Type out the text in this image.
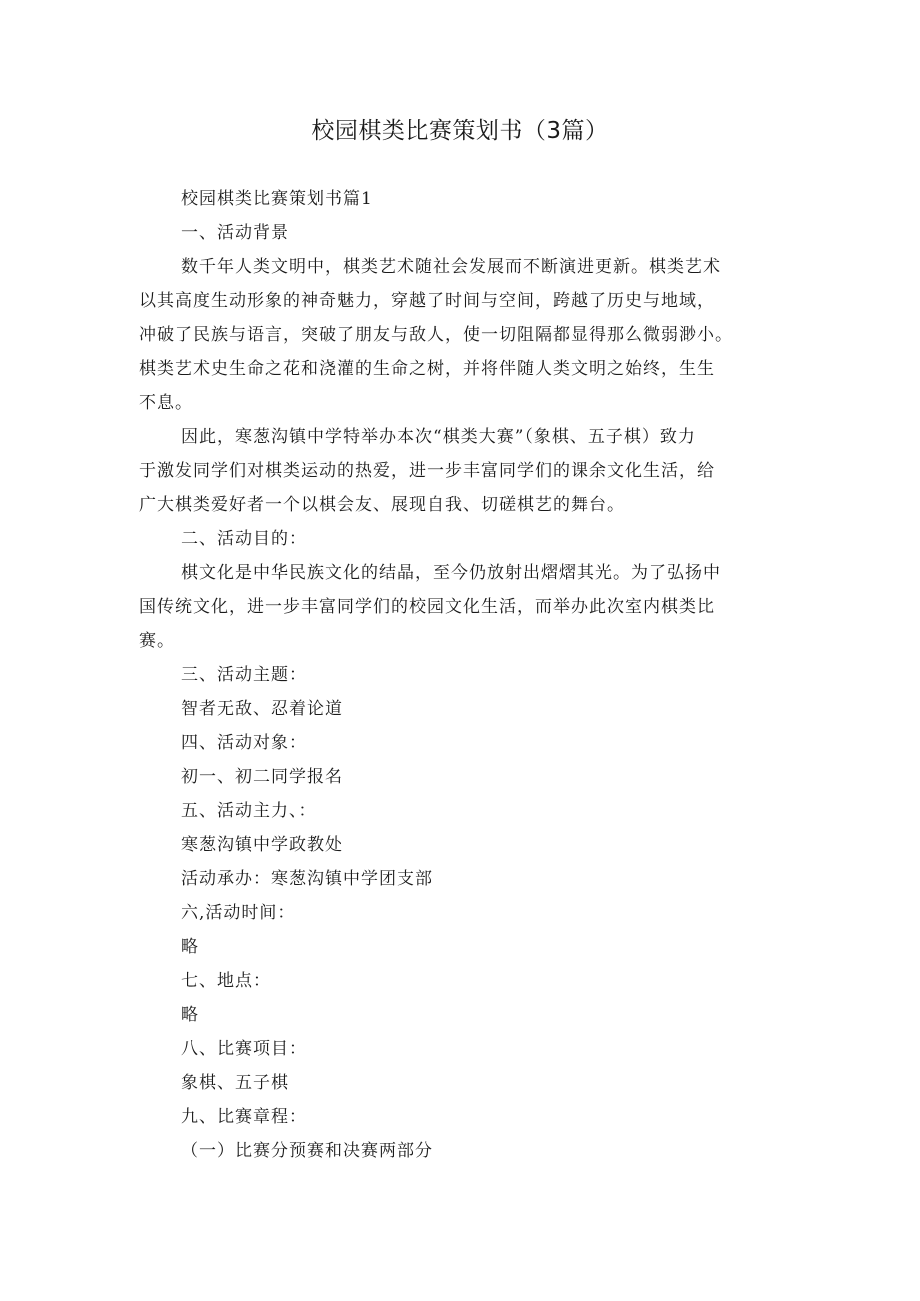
校园棋类比赛策划书（3篇）

校园棋类比赛策划书篇1

一、活动背景

数千年人类文明中，棋类艺术随社会发展而不断演进更新。棋类艺术

以其高度生动形象的神奇魅力，穿越了时间与空间，跨越了历史与地域，

冲破了民族与语言，突破了朋友与敌人，使一切阻隔都显得那么微弱渺小。

棋类艺术史生命之花和浇灌的生命之树，并将伴随人类文明之始终，生生

不息。

因此，寒葱沟镇中学特举办本次“棋类大赛”（象棋、五子棋）致力

于激发同学们对棋类运动的热爱，进一步丰富同学们的课余文化生活，给

广大棋类爱好者一个以棋会友、展现自我、切磋棋艺的舞台。

二、活动目的：

棋文化是中华民族文化的结晶，至今仍放射出熠熠其光。为了弘扬中

国传统文化，进一步丰富同学们的校园文化生活，而举办此次室内棋类比

赛。

三、活动主题：

智者无敌、忍着论道

四、活动对象：

初一、初二同学报名

五、活动主力、：

寒葱沟镇中学政教处

活动承办：寒葱沟镇中学团支部

六,活动时间：

略

七、地点：

略

八、比赛项目：

象棋、五子棋

九、比赛章程：

（一）比赛分预赛和决赛两部分
